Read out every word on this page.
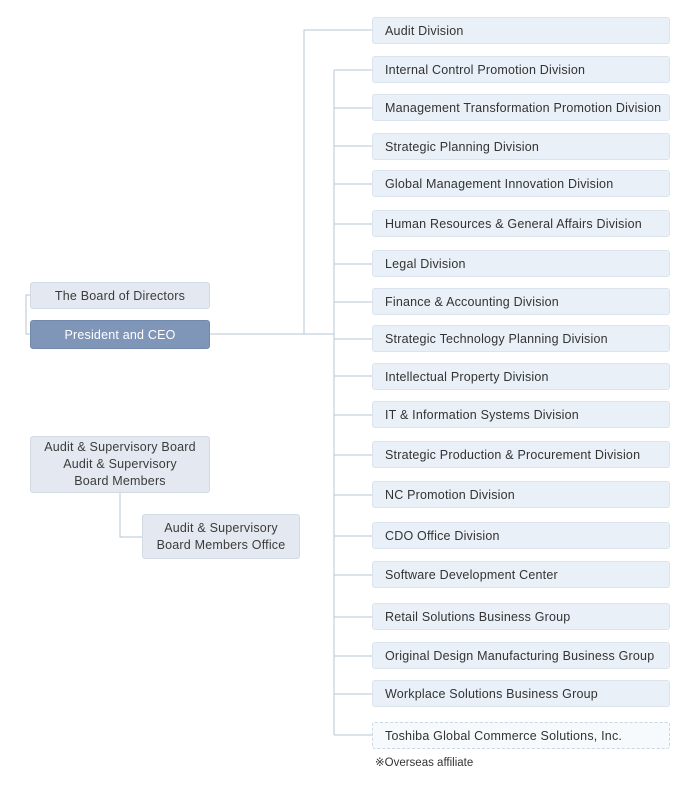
The Board of Directors
President and CEO
Audit & Supervisory Board
Audit & Supervisory
Board Members
Audit & Supervisory
Board Members Office
Audit Division
Internal Control Promotion Division
Management Transformation Promotion Division
Strategic Planning Division
Global Management Innovation Division
Human Resources & General Affairs Division
Legal Division
Finance & Accounting Division
Strategic Technology Planning Division
Intellectual Property Division
IT & Information Systems Division
Strategic Production & Procurement Division
NC Promotion Division
CDO Office Division
Software Development Center
Retail Solutions Business Group
Original Design Manufacturing Business Group
Workplace Solutions Business Group
Toshiba Global Commerce Solutions, Inc.
※Overseas affiliate
